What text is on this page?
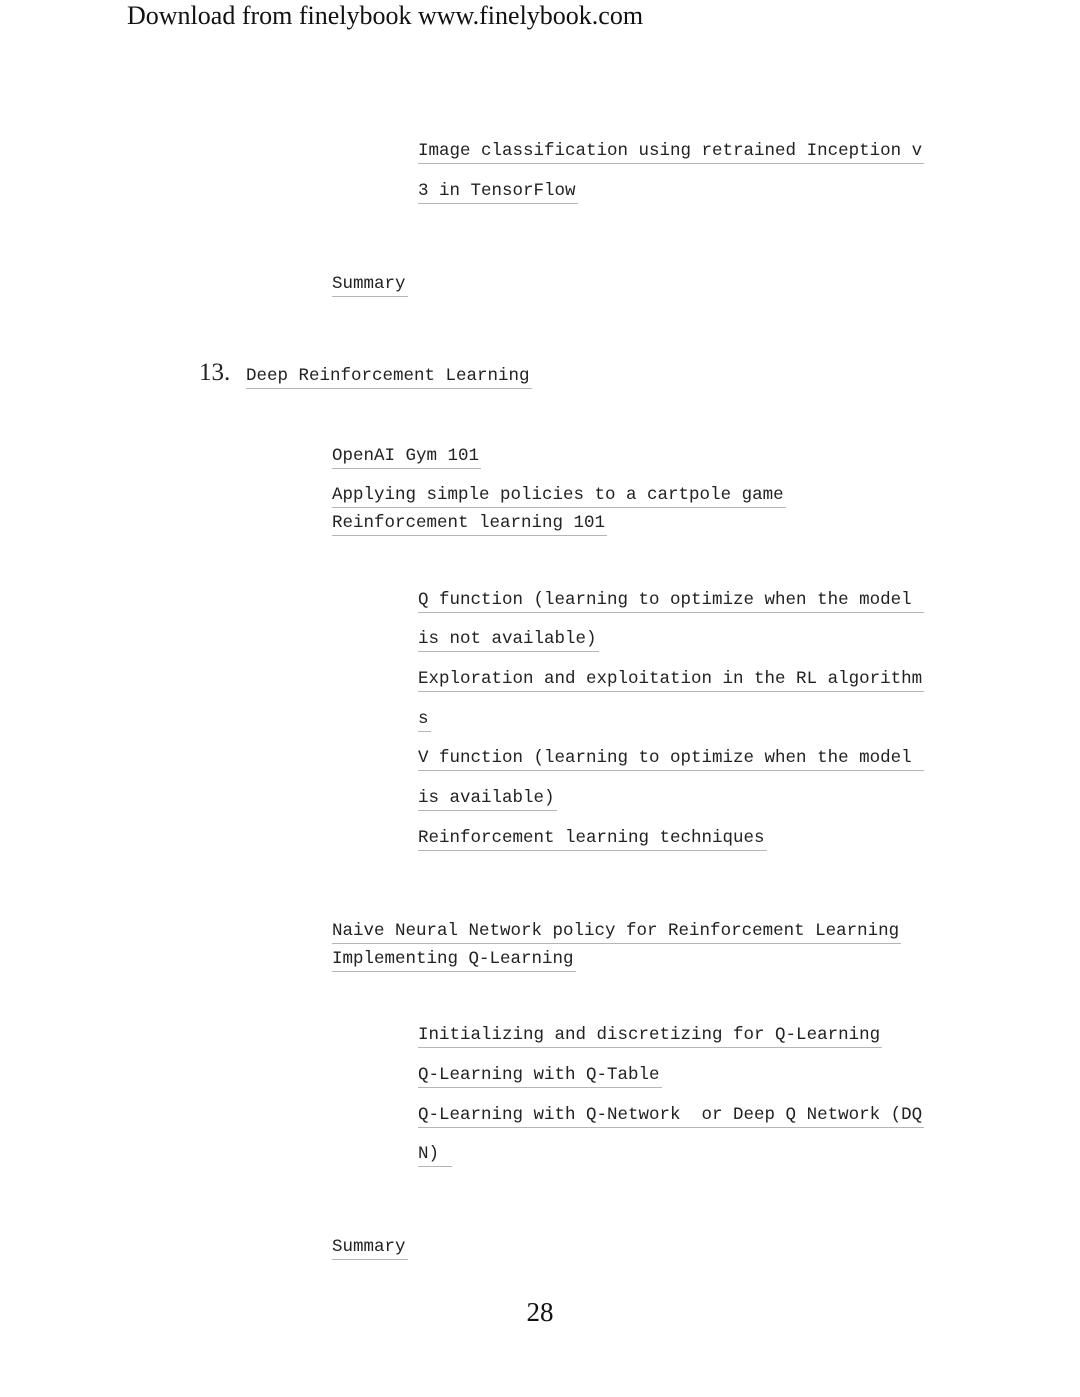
Download from finelybook www.finelybook.com
Image classification using retrained Inception v
3 in TensorFlow
Summary
13. Deep Reinforcement Learning
OpenAI Gym 101
Applying simple policies to a cartpole game
Reinforcement learning 101
Q function (learning to optimize when the model
is not available)
Exploration and exploitation in the RL algorithm
s
V function (learning to optimize when the model
is available)
Reinforcement learning techniques
Naive Neural Network policy for Reinforcement Learning
Implementing Q-Learning
Initializing and discretizing for Q-Learning
Q-Learning with Q-Table
Q-Learning with Q-Network  or Deep Q Network (DQ
N)
Summary
28
